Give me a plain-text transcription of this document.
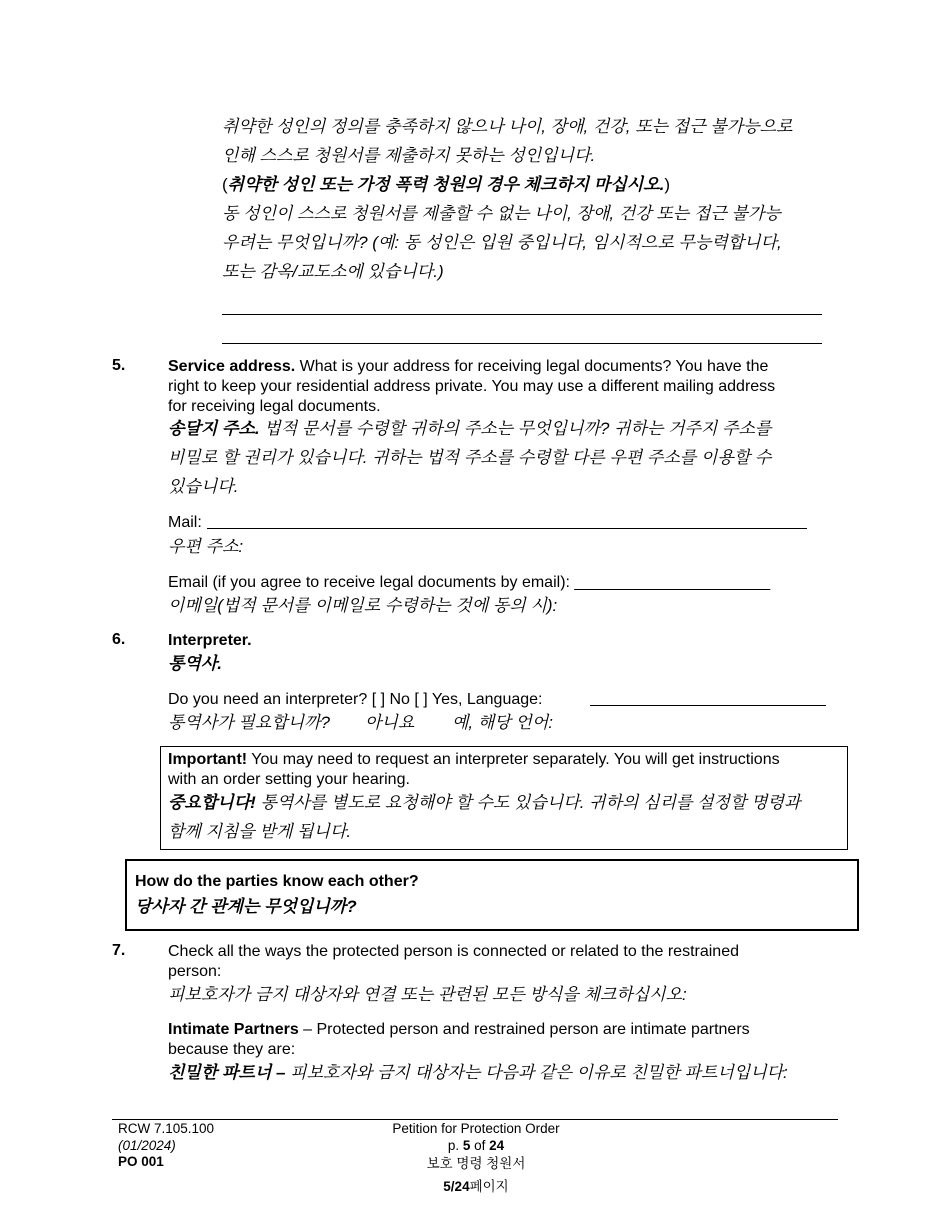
취약한 성인의 정의를 충족하지 않으나 나이, 장애, 건강, 또는 접근 불가능으로
인해 스스로 청원서를 제출하지 못하는 성인입니다.
(취약한 성인 또는 가정 폭력 청원의 경우 체크하지 마십시오.)
동 성인이 스스로 청원서를 제출할 수 없는 나이, 장애, 건강 또는 접근 불가능
우려는 무엇입니까? (예: 동 성인은 입원 중입니다, 임시적으로 무능력합니다,
또는 감옥/교도소에 있습니다.)
5.	Service address. What is your address for receiving legal documents? You have the
right to keep your residential address private. You may use a different mailing address
for receiving legal documents.
송달지 주소. 법적 문서를 수령할 귀하의 주소는 무엇입니까? 귀하는 거주지 주소를
비밀로 할 권리가 있습니다. 귀하는 법적 주소를 수령할 다른 우편 주소를 이용할 수
있습니다.
Mail:
우편 주소:
Email (if you agree to receive legal documents by email): ______________________
이메일(법적 문서를 이메일로 수령하는 것에 동의 시):
6.	Interpreter.
통역사.
Do you need an interpreter? [ ] No [ ] Yes, Language:
통역사가 필요합니까? 아니요 예, 해당 언어:
Important! You may need to request an interpreter separately. You will get instructions
with an order setting your hearing.
중요합니다! 통역사를 별도로 요청해야 할 수도 있습니다. 귀하의 심리를 설정할 명령과
함께 지침을 받게 됩니다.
How do the parties know each other?
당사자 간 관계는 무엇입니까?
7.	Check all the ways the protected person is connected or related to the restrained
person:
피보호자가 금지 대상자와 연결 또는 관련된 모든 방식을 체크하십시오:
Intimate Partners – Protected person and restrained person are intimate partners
because they are:
친밀한 파트너 – 피보호자와 금지 대상자는 다음과 같은 이유로 친밀한 파트너입니다:
RCW 7.105.100
(01/2024)
PO 001
Petition for Protection Order
p. 5 of 24
보호 명령 청원서
5/24페이지
